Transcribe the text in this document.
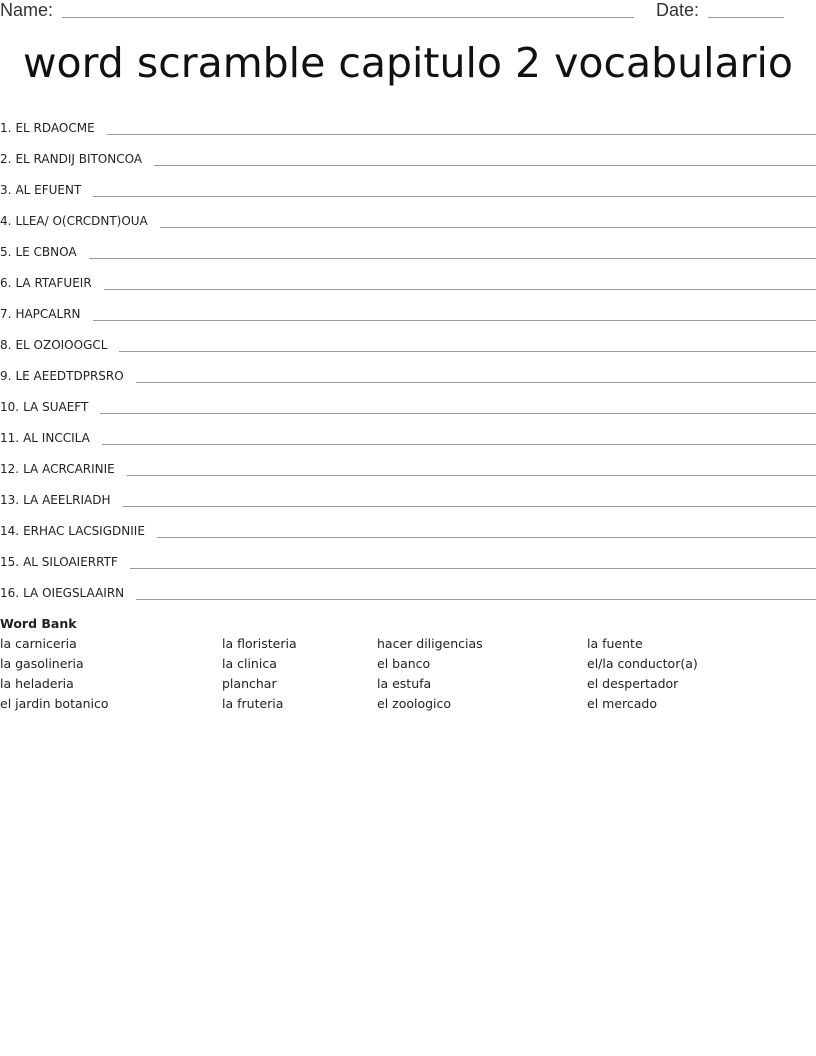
Name:	Date:
word scramble capitulo 2 vocabulario
1. EL RDAOCME
2. EL RANDIJ BITONCOA
3. AL EFUENT
4. LLEA/ O(CRCDNT)OUA
5. LE CBNOA
6. LA RTAFUEIR
7. HAPCALRN
8. EL OZOIOOGCL
9. LE AEEDTDPRSRO
10. LA SUAEFT
11. AL INCCILA
12. LA ACRCARINIE
13. LA AEELRIADH
14. ERHAC LACSIGDNIIE
15. AL SILOAIERRTF
16. LA OIEGSLAAIRN
Word Bank
la carniceria	la floristeria	hacer diligencias	la fuente
la gasolineria	la clinica	el banco	el/la conductor(a)
la heladeria	planchar	la estufa	el despertador
el jardin botanico	la fruteria	el zoologico	el mercado
